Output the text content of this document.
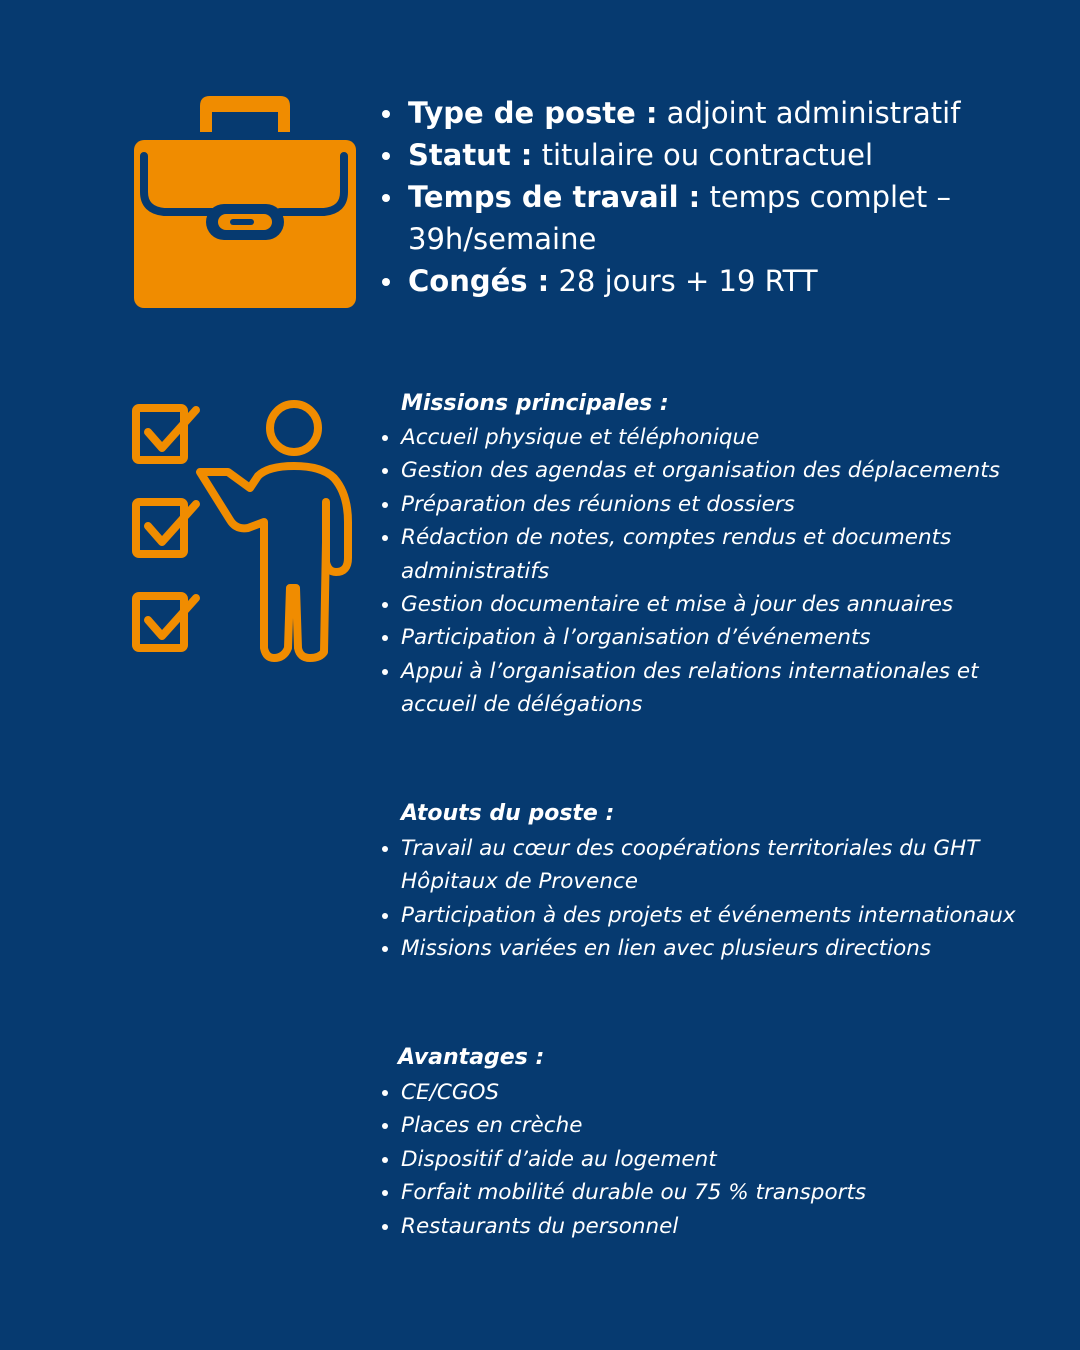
Type de poste : adjoint administratif
Statut : titulaire ou contractuel
Temps de travail : temps complet – 39h/semaine
Congés : 28 jours + 19 RTT
Missions principales :
Accueil physique et téléphonique
Gestion des agendas et organisation des déplacements
Préparation des réunions et dossiers
Rédaction de notes, comptes rendus et documents administratifs
Gestion documentaire et mise à jour des annuaires
Participation à l’organisation d’événements
Appui à l’organisation des relations internationales et accueil de délégations
Atouts du poste :
Travail au cœur des coopérations territoriales du GHT Hôpitaux de Provence
Participation à des projets et événements internationaux
Missions variées en lien avec plusieurs directions
Avantages :
CE/CGOS
Places en crèche
Dispositif d’aide au logement
Forfait mobilité durable ou 75 % transports
Restaurants du personnel
